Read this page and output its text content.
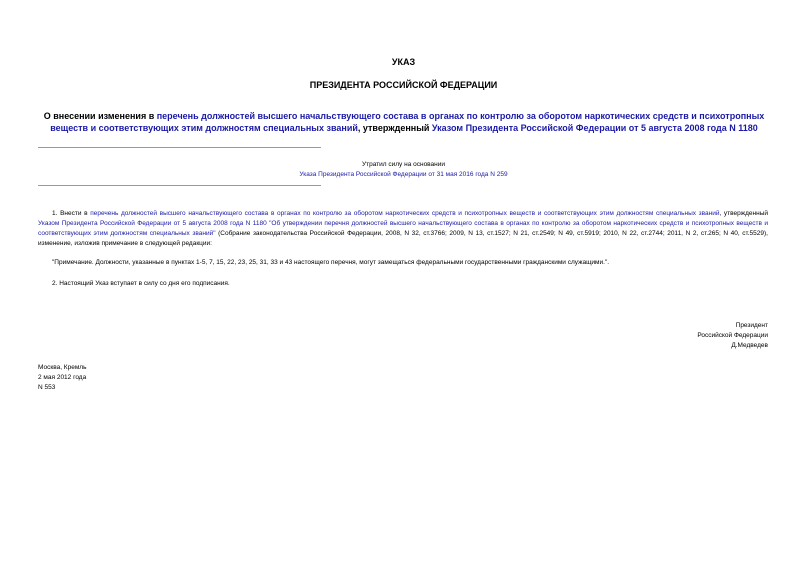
УКАЗ
ПРЕЗИДЕНТА РОССИЙСКОЙ ФЕДЕРАЦИИ
О внесении изменения в перечень должностей высшего начальствующего состава в органах по контролю за оборотом наркотических средств и психотропных веществ и соответствующих этим должностям специальных званий, утвержденный Указом Президента Российской Федерации от 5 августа 2008 года N 1180
Утратил силу на основании
Указа Президента Российской Федерации от 31 мая 2016 года N 259
1. Внести в перечень должностей высшего начальствующего состава в органах по контролю за оборотом наркотических средств и психотропных веществ и соответствующих этим должностям специальных званий, утвержденный Указом Президента Российской Федерации от 5 августа 2008 года N 1180 "Об утверждении перечня должностей высшего начальствующего состава в органах по контролю за оборотом наркотических средств и психотропных веществ и соответствующих этим должностям специальных званий" (Собрание законодательства Российской Федерации, 2008, N 32, ст.3766; 2009, N 13, ст.1527; N 21, ст.2549; N 49, ст.5919; 2010, N 22, ст.2744; 2011, N 2, ст.265; N 40, ст.5529), изменение, изложив примечание в следующей редакции:
"Примечание. Должности, указанные в пунктах 1-5, 7, 15, 22, 23, 25, 31, 33 и 43 настоящего перечня, могут замещаться федеральными государственными гражданскими служащими.".
2. Настоящий Указ вступает в силу со дня его подписания.
Президент
Российской Федерации
Д.Медведев
Москва, Кремль
2 мая 2012 года
N 553
